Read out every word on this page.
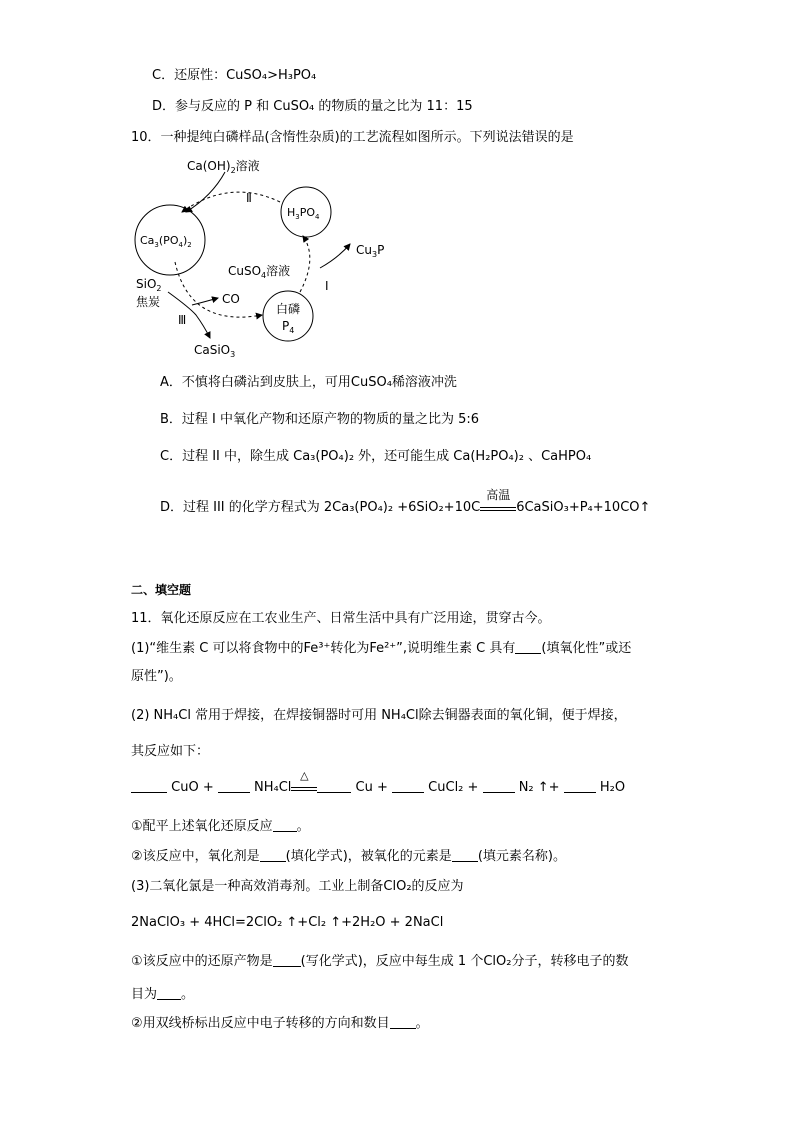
C．还原性：CuSO₄>H₃PO₄
D．参与反应的 P 和 CuSO₄ 的物质的量之比为 11：15
10．一种提纯白磷样品(含惰性杂质)的工艺流程如图所示。下列说法错误的是
$Ca(OH)_2$溶液
Ⅱ
$H_3PO_4$
$Ca_3(PO_4)_2$	$Cu_3P$
CuSO$_4$溶液
Ⅰ
SiO$_2$
焦炭	CO
Ⅲ
白磷
$P_4$
CaSiO$_3$
A．不慎将白磷沾到皮肤上，可用CuSO₄稀溶液冲洗
B．过程 I 中氧化产物和还原产物的物质的量之比为 5:6
C．过程 II 中，除生成 Ca₃(PO₄)₂ 外，还可能生成 Ca(H₂PO₄)₂ 、CaHPO₄
D．过程 III 的化学方程式为 2Ca₃(PO₄)₂ +6SiO₂+10C
高温
6CaSiO₃+P₄+10CO↑
二、填空题
11．氧化还原反应在工农业生产、日常生活中具有广泛用途，贯穿古今。
(1)“维生素 C 可以将食物中的Fe³⁺转化为Fe²⁺”,说明维生素 C 具有 (填氧化性”或还
原性”)。
(2) NH₄Cl 常用于焊接，在焊接铜器时可用 NH₄Cl除去铜器表面的氧化铜，便于焊接，
其反应如下：
CuO +	NH₄Cl
△
Cu +	CuCl₂ +	N₂ ↑+	H₂O
①配平上述氧化还原反应 。
②该反应中，氧化剂是 (填化学式)，被氧化的元素是 (填元素名称)。
(3)二氧化氯是一种高效消毒剂。工业上制备ClO₂的反应为
2NaClO₃ + 4HCl=2ClO₂ ↑+Cl₂ ↑+2H₂O + 2NaCl
①该反应中的还原产物是 (写化学式)，反应中每生成 1 个ClO₂分子，转移电子的数
目为 。
②用双线桥标出反应中电子转移的方向和数目 。
